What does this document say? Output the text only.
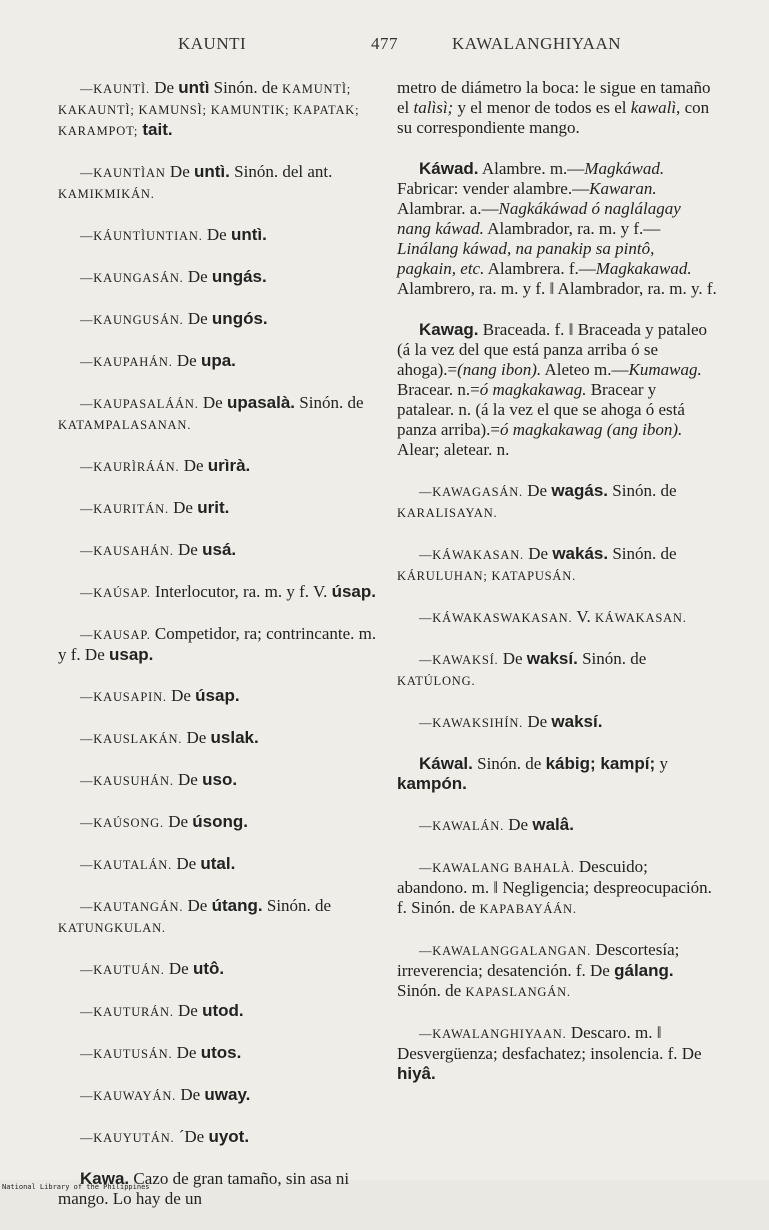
KAUNTI	477	KAWALANGHIYAAN

—KAUNTÌ. De untì Sinón. de KAMUNTÌ; KAKAUNTÌ; KAMUNSÌ; KAMUNTIK; KAPATAK; KARAMPOT; tait.

—KAUNTÌAN De untì. Sinón. del ant. KAMIKMIKÁN.

—KÁUNTÌUNTIAN. De untì.

—KAUNGASÁN. De ungás.

—KAUNGUSÁN. De ungós.

—KAUPAHÁN. De upa.

—KAUPASALÁÁN. De upasalà. Sinón. de KATAMPALASANAN.

—KAURÌRÁÁN. De urìrà.

—KAURITÁN. De urit.

—KAUSAHÁN. De usá.

—KAÚSAP. Interlocutor, ra. m. y f. V. úsap.

—KAUSAP. Competidor, ra; contrincante. m. y f. De usap.

—KAUSAPIN. De úsap.

—KAUSLAKÁN. De uslak.

—KAUSUHÁN. De uso.

—KAÚSONG. De úsong.

—KAUTALÁN. De utal.

—KAUTANGÁN. De útang. Sinón. de KATUNGKULAN.

—KAUTUÁN. De utô.

—KAUTURÁN. De utod.

—KAUTUSÁN. De utos.

—KAUWAYÁN. De uway.

—KAUYUTÁN. ´De uyot.

Kawa. Cazo de gran tamaño, sin asa ni mango. Lo hay de un

metro de diámetro la boca: le sigue en tamaño el talìsì; y el menor de todos es el kawalì, con su correspondiente mango.

Káwad. Alambre. m.—Magkáwad. Fabricar: vender alambre.—Kawaran. Alambrar. a.—Nagkákáwad ó naglálagay nang káwad. Alambrador, ra. m. y f.—Linálang káwad, na panakip sa pintô, pagkain, etc. Alambrera. f.—Magkakawad. Alambrero, ra. m. y f. ‖ Alambrador, ra. m. y. f.

Kawag. Braceada. f. ‖ Braceada y pataleo (á la vez del que está panza arriba ó se ahoga).=(nang ibon). Aleteo m.—Kumawag. Bracear. n.=ó magkakawag. Bracear y patalear. n. (á la vez el que se ahoga ó está panza arriba).=ó magkakawag (ang ibon). Alear; aletear. n.

—KAWAGASÁN. De wagás. Sinón. de KARALISAYAN.

—KÁWAKASAN. De wakás. Sinón. de KÁRULUHAN; KATAPUSÁN.

—KÁWAKASWAKASAN. V. KÁWAKASAN.

—KAWAKSÍ. De waksí. Sinón. de KATÚLONG.

—KAWAKSIHÍN. De waksí.

Káwal. Sinón. de kábig; kampí; y kampón.

—KAWALÁN. De walâ.

—KAWALANG BAHALÀ. Descuido; abandono. m. ‖ Negligencia; despreocupación. f. Sinón. de KAPABAYÁÁN.

—KAWALANGGALANGAN. Descortesía; irreverencia; desatención. f. De gálang. Sinón. de KAPASLANGÁN.

—KAWALANGHIYAAN. Descaro. m. ‖ Desvergüenza; desfachatez; insolencia. f. De hiyâ.

National Library of the Philippines
